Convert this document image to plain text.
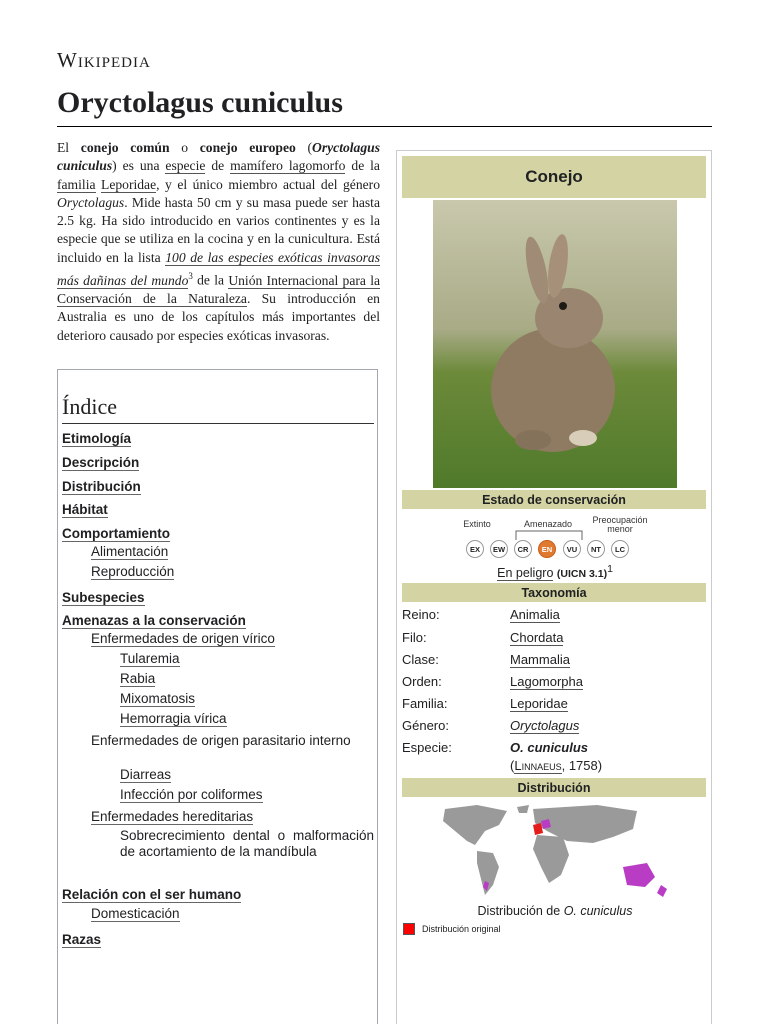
Wikipedia
Oryctolagus cuniculus
El conejo común o conejo europeo (Oryctolagus cuniculus) es una especie de mamífero lagomorfo de la familia Leporidae, y el único miembro actual del género Oryctolagus. Mide hasta 50 cm y su masa puede ser hasta 2.5 kg. Ha sido introducido en varios continentes y es la especie que se utiliza en la cocina y en la cunicultura. Está incluido en la lista 100 de las especies exóticas invasoras más dañinas del mundo$^3$ de la Unión Internacional para la Conservación de la Naturaleza. Su introducción en Australia es uno de los capítulos más importantes del deterioro causado por especies exóticas invasoras.
Índice
Etimología
Descripción
Distribución
Hábitat
Comportamiento
Alimentación
Reproducción
Subespecies
Amenazas a la conservación
Enfermedades de origen vírico
Tularemia
Rabia
Mixomatosis
Hemorragia vírica
Enfermedades de origen parasitario interno
Diarreas
Infección por coliformes
Enfermedades hereditarias
Sobrecrecimiento dental o malformación de acortamiento de la mandíbula
Relación con el ser humano
Domesticación
Razas
Conejo
Estado de conservación
Extinto	Amenazado	Preocupación menor
EX	EW	CR	EN	VU	NT	LC
En peligro (UICN 3.1)$^1$
Taxonomía
Reino:	Animalia
Filo:	Chordata
Clase:	Mammalia
Orden:	Lagomorpha
Familia:	Leporidae
Género:	Oryctolagus
Especie:	O. cuniculus
(Linnaeus, 1758)
Distribución
Distribución de O. cuniculus
Distribución original
